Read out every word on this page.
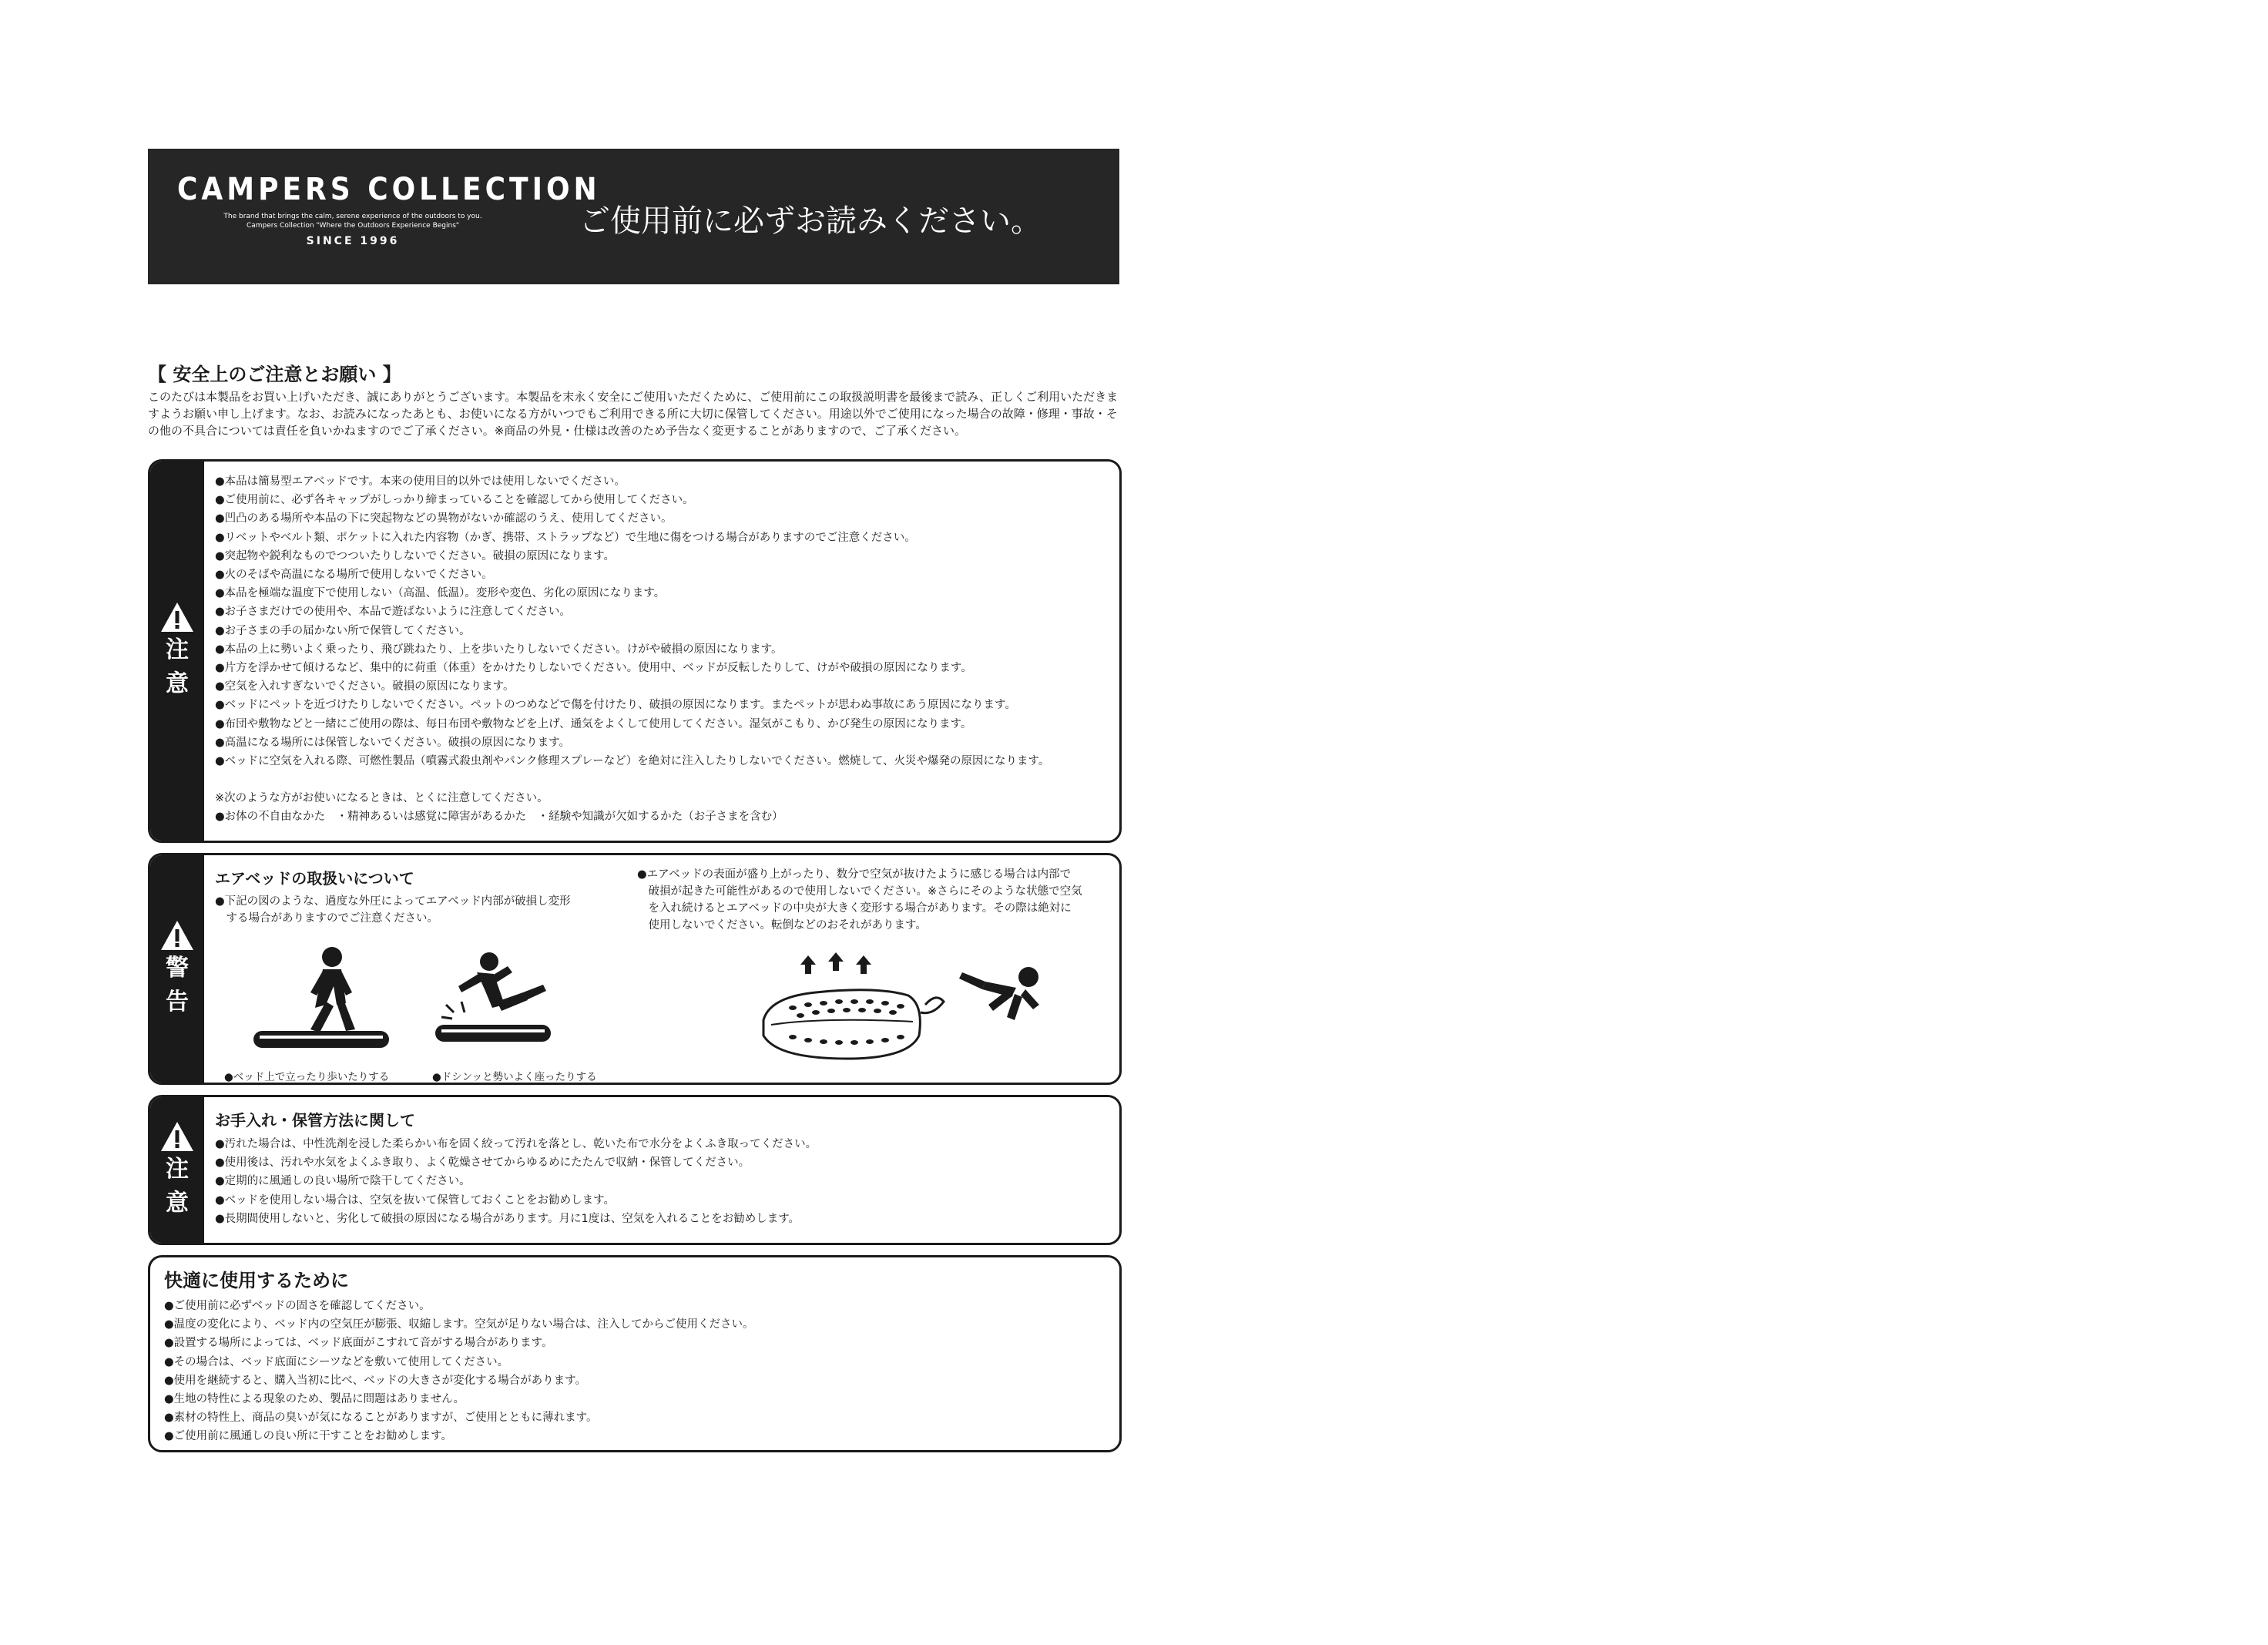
CAMPERS COLLECTION
The brand that brings the calm, serene experience of the outdoors to you.
Campers Collection "Where the Outdoors Experience Begins"
SINCE 1996
ご使用前に必ずお読みください。
【 安全上のご注意とお願い 】
このたびは本製品をお買い上げいただき、誠にありがとうございます。本製品を末永く安全にご使用いただくために、ご使用前にこの取扱説明書を最後まで読み、正しくご利用いただきますようお願い申し上げます。なお、お読みになったあとも、お使いになる方がいつでもご利用できる所に大切に保管してください。用途以外でご使用になった場合の故障・修理・事故・その他の不具合については責任を負いかねますのでご了承ください。※商品の外見・仕様は改善のため予告なく変更することがありますので、ご了承ください。
注
意
●本品は簡易型エアベッドです。本来の使用目的以外では使用しないでください。
●ご使用前に、必ず各キャップがしっかり締まっていることを確認してから使用してください。
●凹凸のある場所や本品の下に突起物などの異物がないか確認のうえ、使用してください。
●リベットやベルト類、ポケットに入れた内容物（かぎ、携帯、ストラップなど）で生地に傷をつける場合がありますのでご注意ください。
●突起物や鋭利なものでつついたりしないでください。破損の原因になります。
●火のそばや高温になる場所で使用しないでください。
●本品を極端な温度下で使用しない（高温、低温）。変形や変色、劣化の原因になります。
●お子さまだけでの使用や、本品で遊ばないように注意してください。
●お子さまの手の届かない所で保管してください。
●本品の上に勢いよく乗ったり、飛び跳ねたり、上を歩いたりしないでください。けがや破損の原因になります。
●片方を浮かせて傾けるなど、集中的に荷重（体重）をかけたりしないでください。使用中、ベッドが反転したりして、けがや破損の原因になります。
●空気を入れすぎないでください。破損の原因になります。
●ベッドにペットを近づけたりしないでください。ペットのつめなどで傷を付けたり、破損の原因になります。またペットが思わぬ事故にあう原因になります。
●布団や敷物などと一緒にご使用の際は、毎日布団や敷物などを上げ、通気をよくして使用してください。湿気がこもり、かび発生の原因になります。
●高温になる場所には保管しないでください。破損の原因になります。
●ベッドに空気を入れる際、可燃性製品（噴霧式殺虫剤やパンク修理スプレーなど）を絶対に注入したりしないでください。燃焼して、火災や爆発の原因になります。
※次のような方がお使いになるときは、とくに注意してください。
●お体の不自由なかた　・精神あるいは感覚に障害があるかた　・経験や知識が欠如するかた（お子さまを含む）
警
告
エアベッドの取扱いについて
●下記の図のような、過度な外圧によってエアベッド内部が破損し変形
　する場合がありますのでご注意ください。
●ベッド上で立ったり歩いたりする	●ドシンッと勢いよく座ったりする
●エアベッドの表面が盛り上がったり、数分で空気が抜けたように感じる場合は内部で
　破損が起きた可能性があるので使用しないでください。※さらにそのような状態で空気
　を入れ続けるとエアベッドの中央が大きく変形する場合があります。その際は絶対に
　使用しないでください。転倒などのおそれがあります。
注
意
お手入れ・保管方法に関して
●汚れた場合は、中性洗剤を浸した柔らかい布を固く絞って汚れを落とし、乾いた布で水分をよくふき取ってください。
●使用後は、汚れや水気をよくふき取り、よく乾燥させてからゆるめにたたんで収納・保管してください。
●定期的に風通しの良い場所で陰干してください。
●ベッドを使用しない場合は、空気を抜いて保管しておくことをお勧めします。
●長期間使用しないと、劣化して破損の原因になる場合があります。月に1度は、空気を入れることをお勧めします。
快適に使用するために
●ご使用前に必ずベッドの固さを確認してください。
●温度の変化により、ベッド内の空気圧が膨張、収縮します。空気が足りない場合は、注入してからご使用ください。
●設置する場所によっては、ベッド底面がこすれて音がする場合があります。
●その場合は、ベッド底面にシーツなどを敷いて使用してください。
●使用を継続すると、購入当初に比べ、ベッドの大きさが変化する場合があります。
●生地の特性による現象のため、製品に問題はありません。
●素材の特性上、商品の臭いが気になることがありますが、ご使用とともに薄れます。
●ご使用前に風通しの良い所に干すことをお勧めします。
